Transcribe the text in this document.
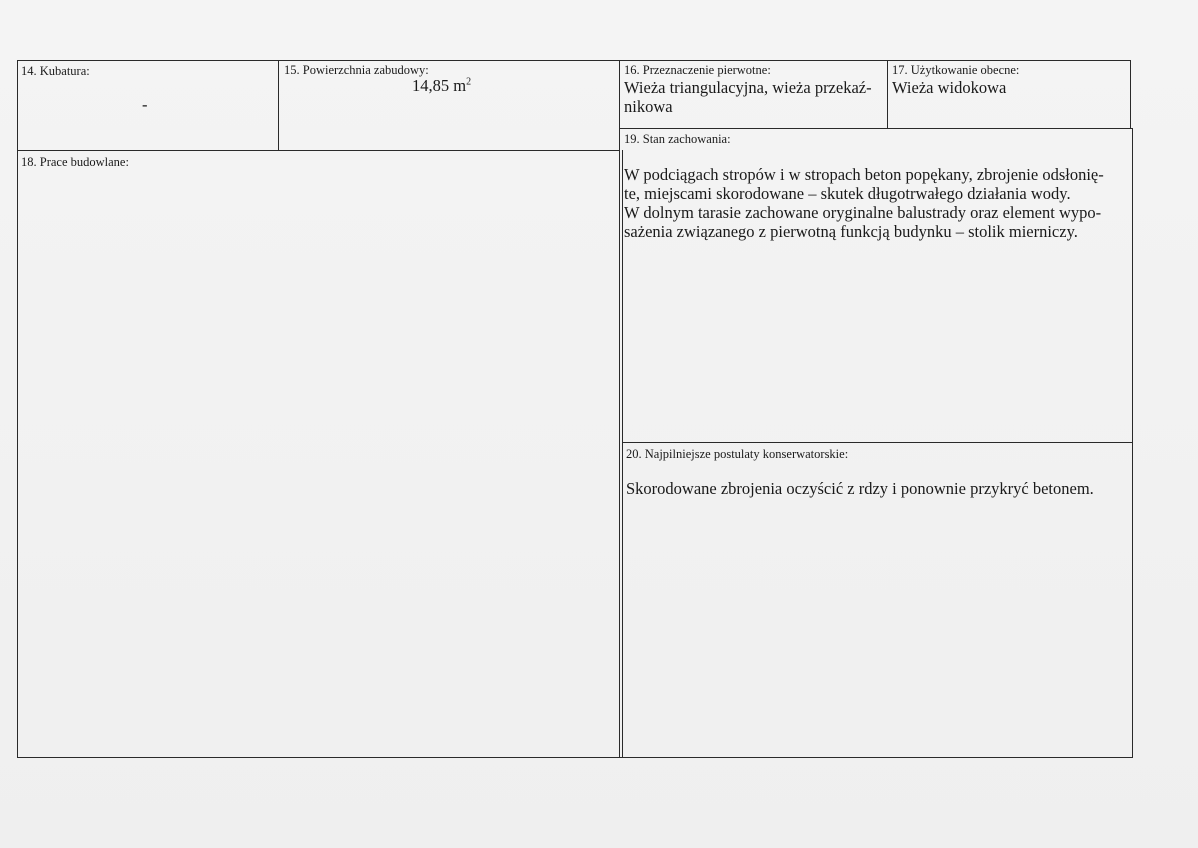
14. Kubatura:
-
15. Powierzchnia zabudowy:
14,85 $m^2$
16. Przeznaczenie pierwotne:
Wieża triangulacyjna, wieża przekaź-
nikowa
17. Użytkowanie obecne:
Wieża widokowa
18. Prace budowlane:
19. Stan zachowania:

W podciągach stropów i w stropach beton popękany, zbrojenie odsłonię-

te, miejscami skorodowane – skutek długotrwałego działania wody.

W dolnym tarasie zachowane oryginalne balustrady oraz element wypo-

sażenia związanego z pierwotną funkcją budynku – stolik mierniczy.

20. Najpilniejsze postulaty konserwatorskie:
Skorodowane zbrojenia oczyścić z rdzy i ponownie przykryć betonem.
